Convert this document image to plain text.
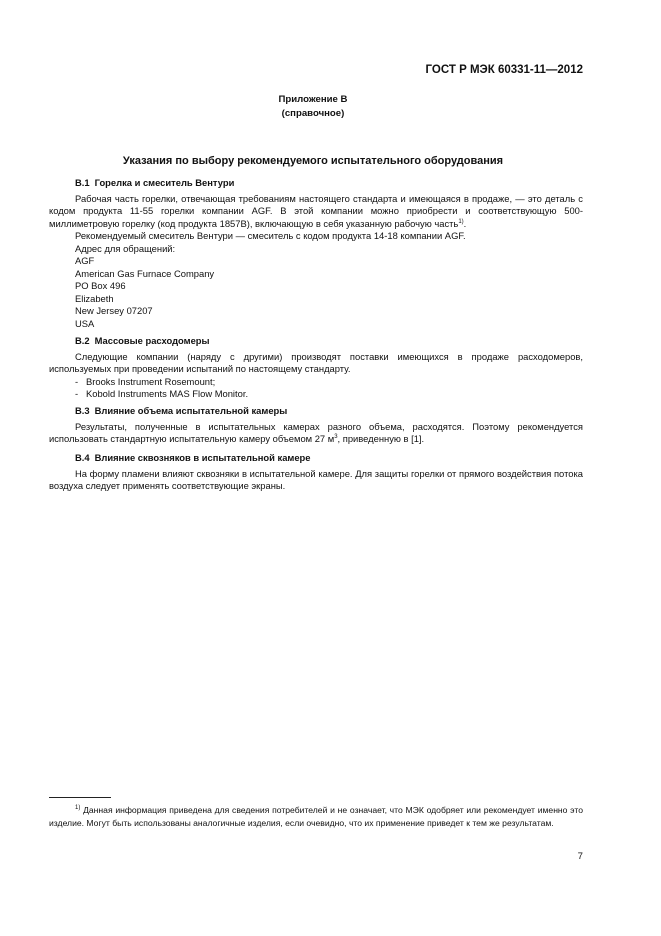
ГОСТ Р МЭК 60331-11—2012
Приложение В
(справочное)
Указания по выбору рекомендуемого испытательного оборудования
В.1 Горелка и смеситель Вентури
Рабочая часть горелки, отвечающая требованиям настоящего стандарта и имеющаяся в продаже, — это деталь с кодом продукта 11-55 горелки компании AGF. В этой компании можно приобрести и соответствующую 500-миллиметровую горелку (код продукта 1857В), включающую в себя указанную рабочую часть$^{1)}$.
Рекомендуемый смеситель Вентури — смеситель с кодом продукта 14-18 компании AGF.
Адрес для обращений:
AGF
American Gas Furnace Company
PO Box 496
Elizabeth
New Jersey 07207
USA
В.2 Массовые расходомеры
Следующие компании (наряду с другими) производят поставки имеющихся в продаже расходомеров, используемых при проведении испытаний по настоящему стандарту.
- Brooks Instrument Rosemount;
- Kobold Instruments MAS Flow Monitor.
В.3 Влияние объема испытательной камеры
Результаты, полученные в испытательных камерах разного объема, расходятся. Поэтому рекомендуется использовать стандартную испытательную камеру объемом 27 $м^3$, приведенную в [1].
В.4 Влияние сквозняков в испытательной камере
На форму пламени влияют сквозняки в испытательной камере. Для защиты горелки от прямого воздействия потока воздуха следует применять соответствующие экраны.
$^{1)}$ Данная информация приведена для сведения потребителей и не означает, что МЭК одобряет или рекомендует именно это изделие. Могут быть использованы аналогичные изделия, если очевидно, что их применение приведет к тем же результатам.
7
